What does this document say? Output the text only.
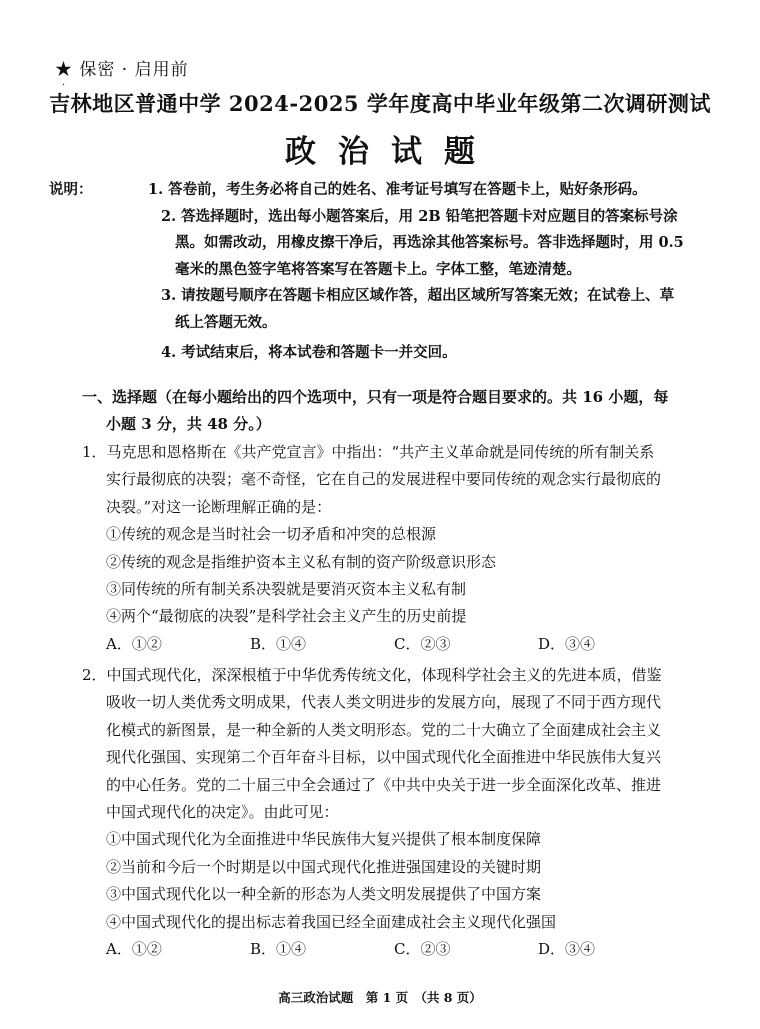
★ 保密 · 启用前
·
吉林地区普通中学 2024-2025 学年度高中毕业年级第二次调研测试
政治试题
说明：	1. 答卷前，考生务必将自己的姓名、准考证号填写在答题卡上，贴好条形码。
2. 答选择题时，选出每小题答案后，用 2B 铅笔把答题卡对应题目的答案标号涂黑。如需改动，用橡皮擦干净后，再选涂其他答案标号。答非选择题时，用 0.5 毫米的黑色签字笔将答案写在答题卡上。字体工整，笔迹清楚。
3. 请按题号顺序在答题卡相应区域作答，超出区域所写答案无效；在试卷上、草纸上答题无效。
4. 考试结束后，将本试卷和答题卡一并交回。
一、选择题（在每小题给出的四个选项中，只有一项是符合题目要求的。共 16 小题，每
小题 3 分，共 48 分。）
1．马克思和恩格斯在《共产党宣言》中指出：“共产主义革命就是同传统的所有制关系
实行最彻底的决裂；毫不奇怪，它在自己的发展进程中要同传统的观念实行最彻底的
决裂。”对这一论断理解正确的是：
①传统的观念是当时社会一切矛盾和冲突的总根源
②传统的观念是指维护资本主义私有制的资产阶级意识形态
③同传统的所有制关系决裂就是要消灭资本主义私有制
④两个“最彻底的决裂”是科学社会主义产生的历史前提
A．①②	B．①④	C．②③	D．③④
2．中国式现代化，深深根植于中华优秀传统文化，体现科学社会主义的先进本质，借鉴
吸收一切人类优秀文明成果，代表人类文明进步的发展方向，展现了不同于西方现代
化模式的新图景，是一种全新的人类文明形态。党的二十大确立了全面建成社会主义
现代化强国、实现第二个百年奋斗目标，以中国式现代化全面推进中华民族伟大复兴
的中心任务。党的二十届三中全会通过了《中共中央关于进一步全面深化改革、推进
中国式现代化的决定》。由此可见：
①中国式现代化为全面推进中华民族伟大复兴提供了根本制度保障
②当前和今后一个时期是以中国式现代化推进强国建设的关键时期
③中国式现代化以一种全新的形态为人类文明发展提供了中国方案
④中国式现代化的提出标志着我国已经全面建成社会主义现代化强国
A．①②	B．①④	C．②③	D．③④
高三政治试题　第 1 页　（共 8 页）
